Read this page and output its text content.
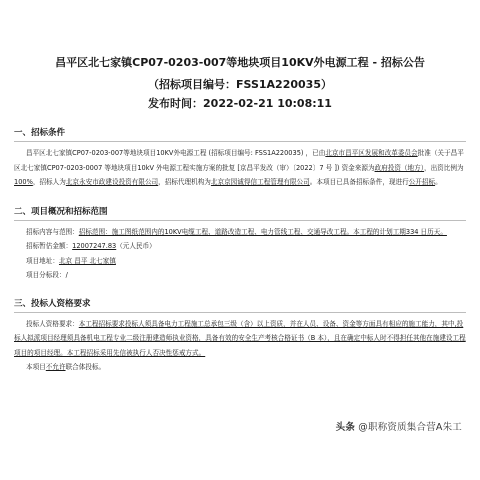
昌平区北七家镇CP07-0203-007等地块项目10KV外电源工程 - 招标公告

（招标项目编号：FSS1A220035）

发布时间：2022-02-21 10:08:11

一、招标条件

昌平区北七家镇CP07-0203-007等地块项目10KV外电源工程 (招标项目编号: FSS1A220035) ，已由北京市昌平区发展和改革委员会批准（关于昌平区北七家镇CP07-0203-0007 等地块项目10kV 外电源工程实施方案的批复 [京昌平发改（审）〔2022〕7 号 ]) 资金来源为政府投资（地方），出资比例为100%，招标人为北京永安市政建设投资有限公司，招标代理机构为北京京园诚得信工程管理有限公司。本项目已具备招标条件，现进行公开招标。

二、项目概况和招标范围

招标内容与范围：招标范围：施工图纸范围内的10KV电缆工程、道路改造工程、电力管线工程、交通导改工程。本工程的计划工期334 日历天。

招标暂估金额：12007247.83（元人民币）

项目地址：北京 昌平 北七家镇

项目分标段：/

三、投标人资格要求

投标人资格要求：本工程招标要求投标人须具备电力工程施工总承包三级（含）以上资质，并在人员、设备、资金等方面具有相应的施工能力，其中,投标人拟派项目经理须具备机电工程专业二级注册建造师执业资格，具备有效的安全生产考核合格证书（B 本），且在确定中标人时不得担任其他在施建设工程项目的项目经理。本工程招标采用先信被执行人否决性惩戒方式。

本项目不允许联合体投标。

头条 @职称资质集合营A朱工
